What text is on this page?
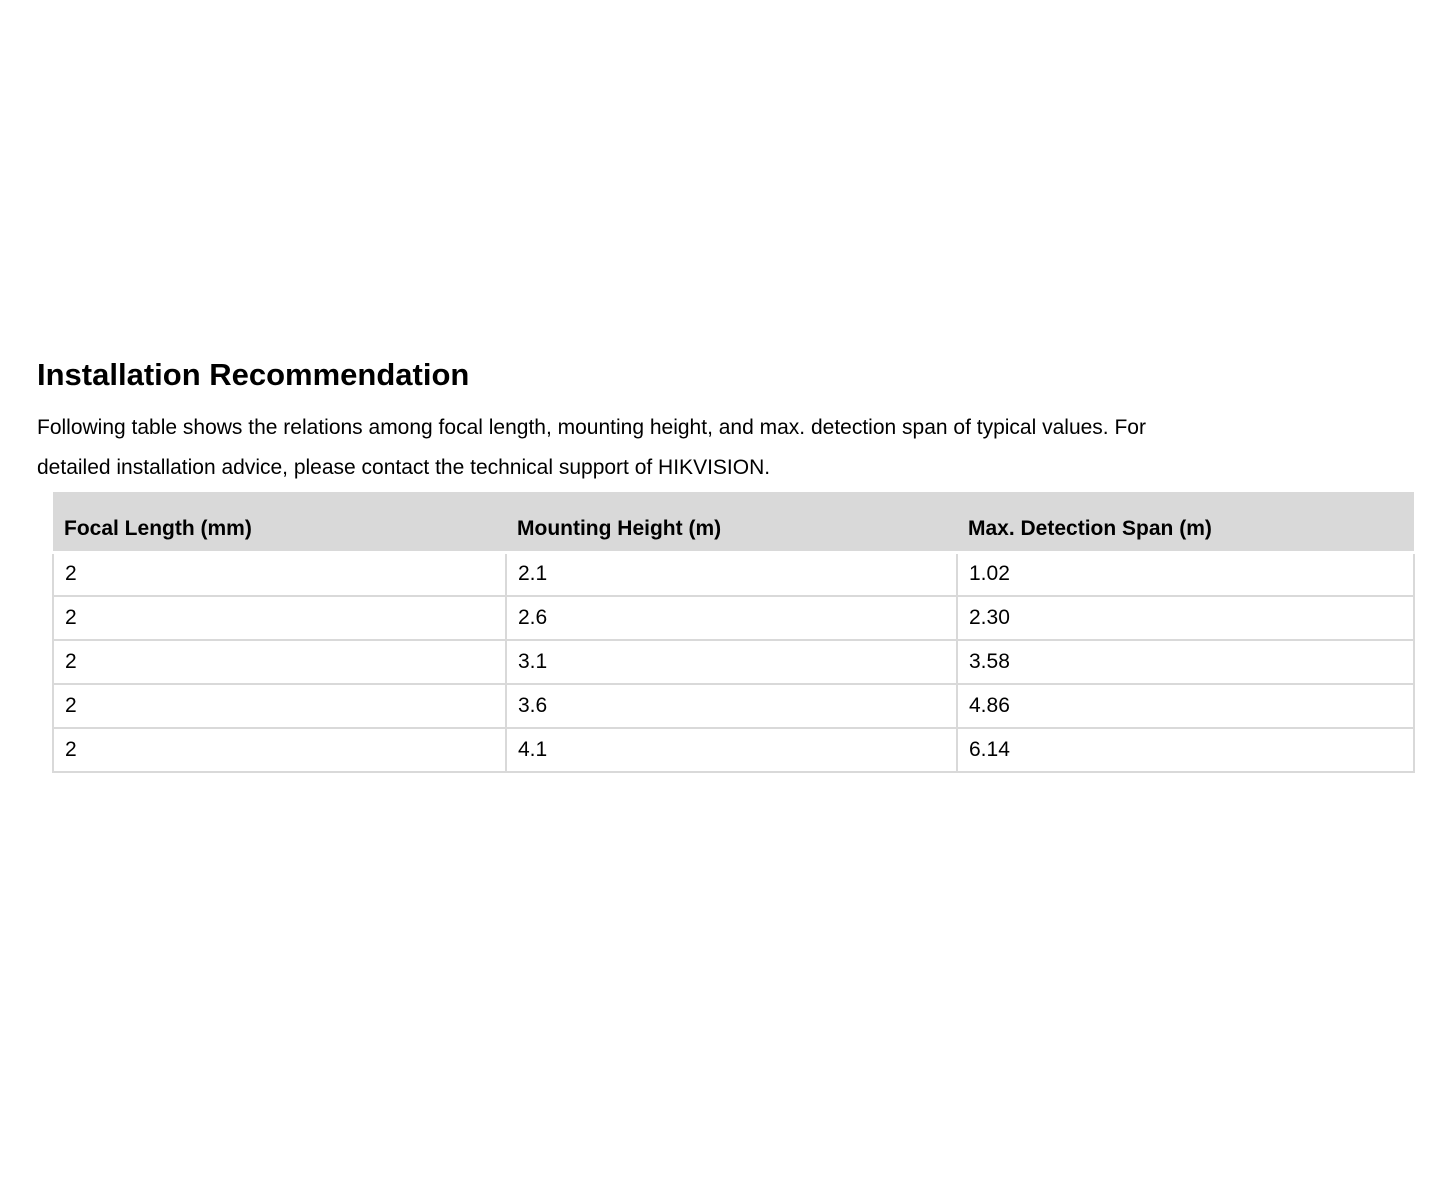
Installation Recommendation

Following table shows the relations among focal length, mounting height, and max. detection span of typical values. For
detailed installation advice, please contact the technical support of HIKVISION.

Focal Length (mm)	Mounting Height (m)	Max. Detection Span (m)
2	2.1	1.02
2	2.6	2.30
2	3.1	3.58
2	3.6	4.86
2	4.1	6.14
